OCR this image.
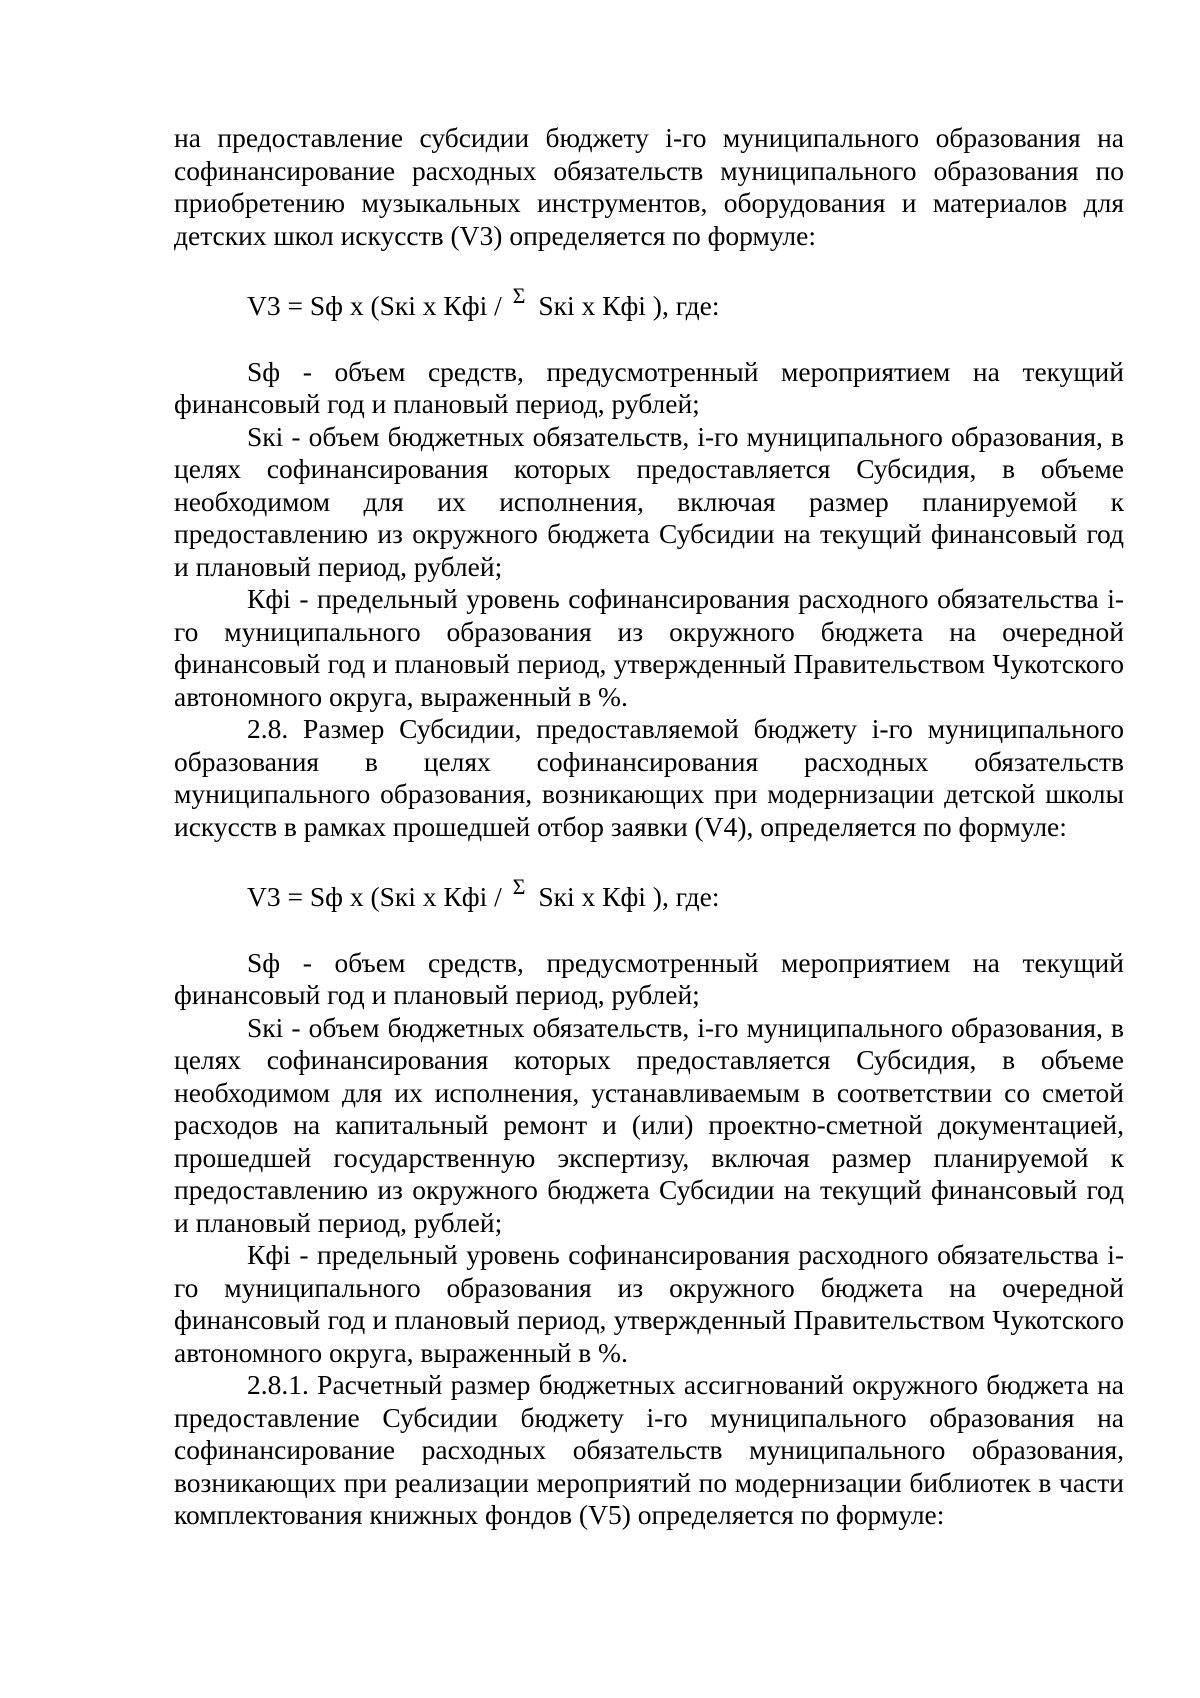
на предоставление субсидии бюджету i-го муниципального образования на софинансирование расходных обязательств муниципального образования по приобретению музыкальных инструментов, оборудования и материалов для детских школ искусств (V3) определяется по формуле:

V3 = Sф х (Sкi х Кфi / $^\Sigma$ Sкi х Кфi ), где:

Sф - объем средств, предусмотренный мероприятием на текущий финансовый год и плановый период, рублей;

Sкi - объем бюджетных обязательств, i-го муниципального образования, в целях софинансирования которых предоставляется Субсидия, в объеме необходимом для их исполнения, включая размер планируемой к предоставлению из окружного бюджета Субсидии на текущий финансовый год и плановый период, рублей;

Кфi - предельный уровень софинансирования расходного обязательства i-го муниципального образования из окружного бюджета на очередной финансовый год и плановый период, утвержденный Правительством Чукотского автономного округа, выраженный в %.

2.8. Размер Субсидии, предоставляемой бюджету i-го муниципального образования в целях софинансирования расходных обязательств муниципального образования, возникающих при модернизации детской школы искусств в рамках прошедшей отбор заявки (V4), определяется по формуле:

V3 = Sф х (Sкi х Кфi / $^\Sigma$ Sкi х Кфi ), где:

Sф - объем средств, предусмотренный мероприятием на текущий финансовый год и плановый период, рублей;

Sкi - объем бюджетных обязательств, i-го муниципального образования, в целях софинансирования которых предоставляется Субсидия, в объеме необходимом для их исполнения, устанавливаемым в соответствии со сметой расходов на капитальный ремонт и (или) проектно-сметной документацией, прошедшей государственную экспертизу, включая размер планируемой к предоставлению из окружного бюджета Субсидии на текущий финансовый год и плановый период, рублей;

Кфi - предельный уровень софинансирования расходного обязательства i-го муниципального образования из окружного бюджета на очередной финансовый год и плановый период, утвержденный Правительством Чукотского автономного округа, выраженный в %.

2.8.1. Расчетный размер бюджетных ассигнований окружного бюджета на предоставление Субсидии бюджету i-го муниципального образования на софинансирование расходных обязательств муниципального образования, возникающих при реализации мероприятий по модернизации библиотек в части комплектования книжных фондов (V5) определяется по формуле:
